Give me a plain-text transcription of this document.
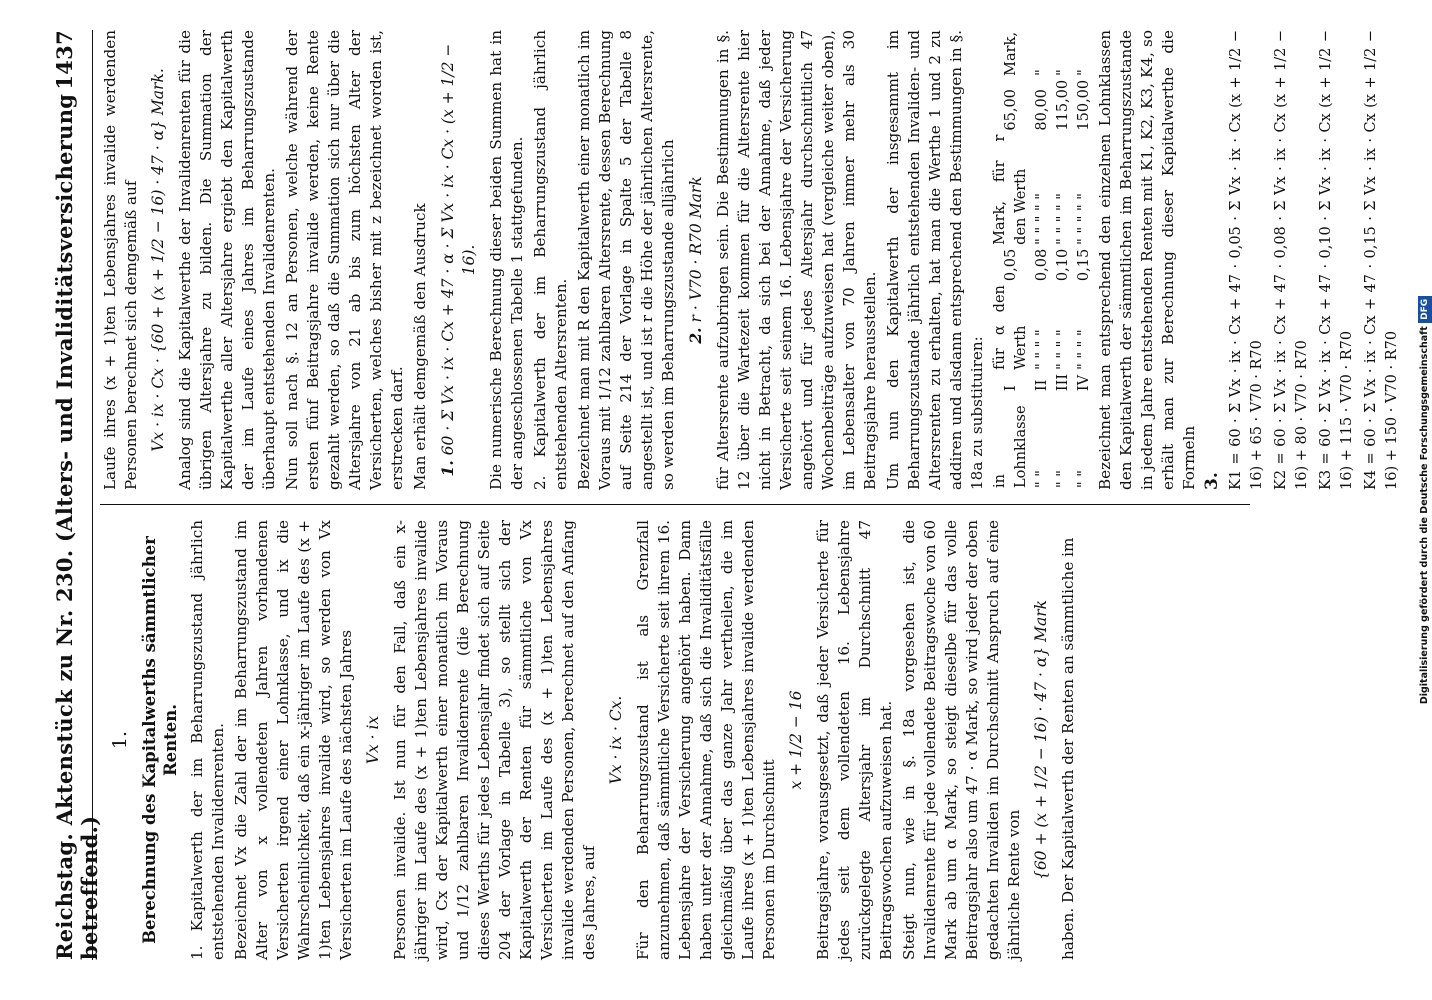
Reichstag. Aktenstück zu Nr. 230. (Alters- und Invaliditätsversicherung betreffend.)
1437
1. Berechnung des Kapitalwerths sämmtlicher Renten. 1. Kapitalwerth der im Beharrungszustand jährlich entstehenden Invalidenrenten. Bezeichnet Vx die Zahl der im Beharrungszustand im Alter von x vollendeten Jahren vorhandenen Versicherten irgend einer Lohnklasse, und ix die Wahrscheinlichkeit, daß ein x-jähriger im Laufe des (x + 1)ten Lebensjahres invalide wird, so werden von Vx Versicherten im Laufe des nächsten Jahres Vx · ix Personen invalide. Ist nun für den Fall, daß ein x-jähriger im Laufe des (x + 1)ten Lebensjahres invalide wird, Cx der Kapitalwerth einer monatlich im Voraus und 1/12 zahlbaren Invalidenrente (die Berechnung dieses Werths für jedes Lebensjahr findet sich auf Seite 204 der Vorlage in Tabelle 3), so stellt sich der Kapitalwerth der Renten für sämmtliche von Vx Versicherten im Laufe des (x + 1)ten Lebensjahres invalide werdenden Personen, berechnet auf den Anfang des Jahres, auf

Vx · ix · Cx. Für den Beharrungszustand ist als Grenzfall anzunehmen, daß sämmtliche Versicherte seit ihrem 16. Lebensjahre der Versicherung angehört haben. Dann haben unter der Annahme, daß sich die Invaliditätsfälle gleichmäßig über das ganze Jahr vertheilen, die im Laufe ihres (x + 1)ten Lebensjahres invalide werdenden Personen im Durchschnitt

x + 1/2 − 16 Beitragsjahre, vorausgesetzt, daß jeder Versicherte für jedes seit dem vollendeten 16. Lebensjahre zurückgelegte Altersjahr im Durchschnitt 47 Beitragswochen aufzuweisen hat. Steigt nun, wie in §. 18a vorgesehen ist, die Invalidenrente für jede vollendete Beitragswoche von 60 Mark ab um α Mark, so steigt dieselbe für das volle Beitragsjahr also um 47 · α Mark, so wird jeder der oben gedachten Invaliden im Durchschnitt Anspruch auf eine jährliche Rente von

{60 + (x + 1/2 − 16) · 47 · α} Mark haben. Der Kapitalwerth der Renten an sämmtliche im

Laufe ihres (x + 1)ten Lebensjahres invalide werdenden Personen berechnet sich demgemäß auf Vx · ix · Cx · {60 + (x + 1/2 − 16) · 47 · α} Mark. Analog sind die Kapitalwerthe der Invalidenrenten für die übrigen Altersjahre zu bilden. Die Summation der Kapitalwerthe aller Altersjahre ergiebt den Kapitalwerth der im Laufe eines Jahres im Beharrungszustande überhaupt entstehenden Invalidenrenten. Nun soll nach §. 12 an Personen, welche während der ersten fünf Beitragsjahre invalide werden, keine Rente gezahlt werden, so daß die Summation sich nur über die Altersjahre von 21 ab bis zum höchsten Alter der Versicherten, welches bisher mit z bezeichnet worden ist, erstrecken darf. Man erhält demgemäß den Ausdruck 1. 60 · Σ Vx · ix · Cx + 47 · α · Σ Vx · ix · Cx · (x + 1/2 − 16). Die numerische Berechnung dieser beiden Summen hat in der angeschlossenen Tabelle 1 stattgefunden. 2. Kapitalwerth der im Beharrungszustand jährlich entstehenden Altersrenten. Bezeichnet man mit R den Kapitalwerth einer monatlich im Voraus mit 1/12 zahlbaren Altersrente, dessen Berechnung auf Seite 214 der Vorlage in Spalte 5 der Tabelle 8 angestellt ist, und ist r die Höhe der jährlichen Altersrente, so werden im Beharrungszustande alljährlich 2. r · V70 · R70 Mark für Altersrente aufzubringen sein. Die Bestimmungen in §. 12 über die Wartezeit kommen für die Altersrente hier nicht in Betracht, da sich bei der Annahme, daß jeder Versicherte seit seinem 16. Lebensjahre der Versicherung angehört und für jedes Altersjahr durchschnittlich 47 Wochenbeiträge aufzuweisen hat (vergleiche weiter oben), im Lebensalter von 70 Jahren immer mehr als 30 Beitragsjahre herausstellen. Um nun den Kapitalwerth der insgesammt im Beharrungszustande jährlich entstehenden Invaliden- und Altersrenten zu erhalten, hat man die Werthe 1 und 2 zu addiren und alsdann entsprechend den Bestimmungen in §. 18a zu substituiren: in Lohnklasse	I	für α den Werth	0,05	Mark, für r den Werth	65,00	Mark,
" "	II	" " " "	0,08	" " " " "	80,00	"
" "	III	" " " "	0,10	" " " " "	115,00	"
" "	IV	" " " "	0,15	" " " " "	150,00	" Bezeichnet man entsprechend den einzelnen Lohnklassen den Kapitalwerth der sämmtlichen im Beharrungszustande in jedem Jahre entstehenden Renten mit K1, K2, K3, K4, so erhält man zur Berechnung dieser Kapitalwerthe die Formeln 3. K1 = 60 · Σ Vx · ix · Cx + 47 · 0,05 · Σ Vx · ix · Cx (x + 1/2 − 16) + 65 · V70 · R70 K2 = 60 · Σ Vx · ix · Cx + 47 · 0,08 · Σ Vx · ix · Cx (x + 1/2 − 16) + 80 · V70 · R70 K3 = 60 · Σ Vx · ix · Cx + 47 · 0,10 · Σ Vx · ix · Cx (x + 1/2 − 16) + 115 · V70 · R70 K4 = 60 · Σ Vx · ix · Cx + 47 · 0,15 · Σ Vx · ix · Cx (x + 1/2 − 16) + 150 · V70 · R70	Digitalisierung gefördert durch die Deutsche Forschungsgemeinschaft DFG
